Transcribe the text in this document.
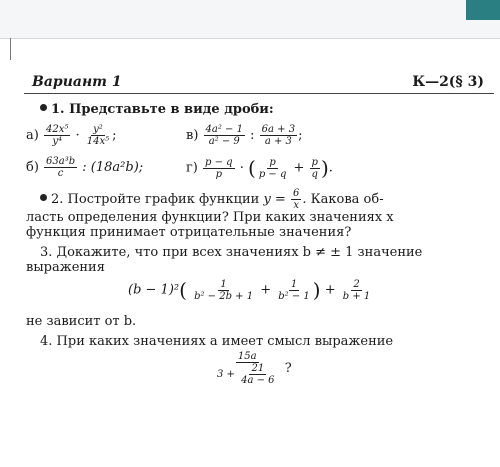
Вариант 1	К—2(§ 3)
1. Представьте в виде дроби:
$а) \frac{\text{42x⁵}}{\text{y⁴}} \cdot \frac{\text{y²}}{\text{14x⁵}}$ ;	$в) \frac{\text{4a² − 1}}{\text{a² − 9}}$ : $\frac{6a + 3}{a + 3}$ ;
$б) \frac{\text{63a³b}}{c}$ : (18a²b);	$г) \frac{p - q}{p}$ · ( $\frac{p}{p - q} + \frac{p}{q}$ ).
2. Постройте график функции $y = \frac{6}{x}$ . Какова об-
ласть определения функции? При каких значениях x
функция принимает отрицательные значения?
3. Докажите, что при всех значениях b ≠ ± 1 значение
выражения
$(b - 1)^2( \frac{1}{\text{b² − 2b + 1}} + \frac{1}{\text{b² − 1}}$ ) + $\frac{2}{b + 1}$
не зависит от b.
4. При каких значениях a имеет смысл выражение
$\frac{15a}{3 + \frac{21}{4a - 6}}$ ?
